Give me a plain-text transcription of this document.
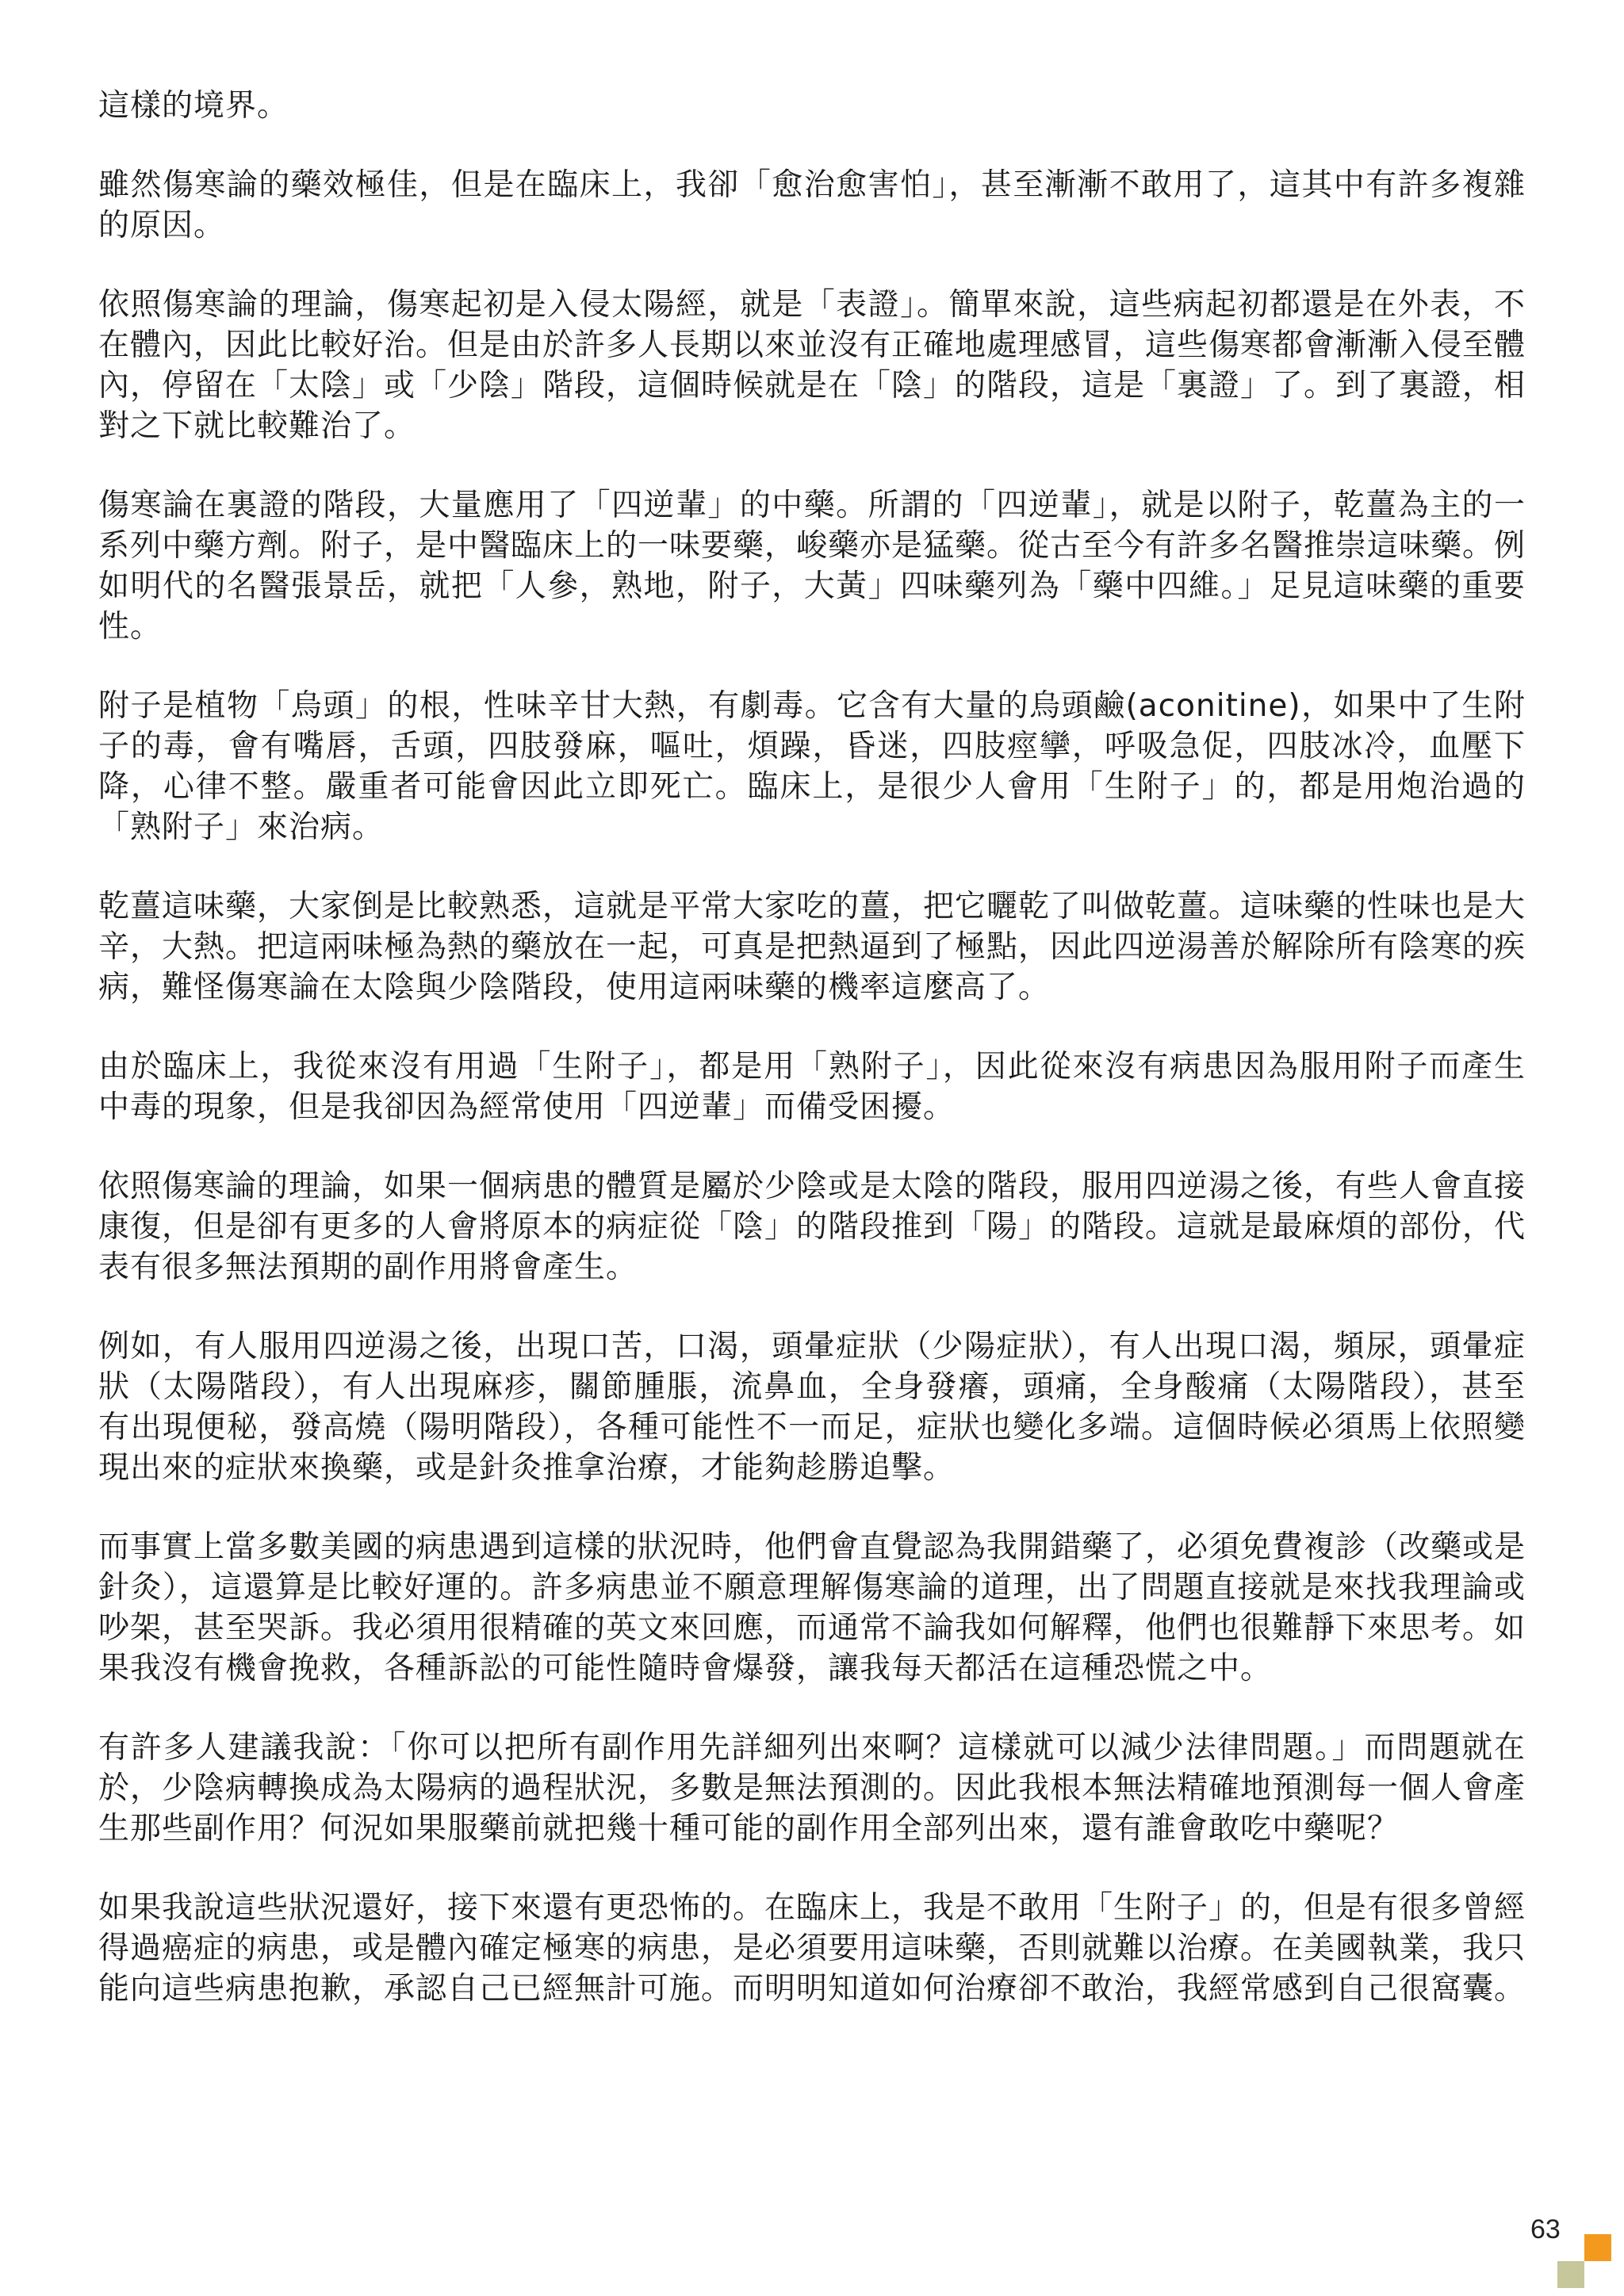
這樣的境界。

雖然傷寒論的藥效極佳，但是在臨床上，我卻「愈治愈害怕」，甚至漸漸不敢用了，這其中有許多複雜的原因。

依照傷寒論的理論，傷寒起初是入侵太陽經，就是「表證」。簡單來說，這些病起初都還是在外表，不在體內，因此比較好治。但是由於許多人長期以來並沒有正確地處理感冒，這些傷寒都會漸漸入侵至體內，停留在「太陰」或「少陰」階段，這個時候就是在「陰」的階段，這是「裏證」了。到了裏證，相對之下就比較難治了。

傷寒論在裏證的階段，大量應用了「四逆輩」的中藥。所謂的「四逆輩」，就是以附子，乾薑為主的一系列中藥方劑。附子，是中醫臨床上的一味要藥，峻藥亦是猛藥。從古至今有許多名醫推崇這味藥。例如明代的名醫張景岳，就把「人參，熟地，附子，大黃」四味藥列為「藥中四維。」足見這味藥的重要性。

附子是植物「烏頭」的根，性味辛甘大熱，有劇毒。它含有大量的烏頭鹼(aconitine)，如果中了生附子的毒，會有嘴唇，舌頭，四肢發麻，嘔吐，煩躁，昏迷，四肢痙攣，呼吸急促，四肢冰冷，血壓下降，心律不整。嚴重者可能會因此立即死亡。臨床上，是很少人會用「生附子」的，都是用炮治過的「熟附子」來治病。

乾薑這味藥，大家倒是比較熟悉，這就是平常大家吃的薑，把它曬乾了叫做乾薑。這味藥的性味也是大辛，大熱。把這兩味極為熱的藥放在一起，可真是把熱逼到了極點，因此四逆湯善於解除所有陰寒的疾病，難怪傷寒論在太陰與少陰階段，使用這兩味藥的機率這麼高了。

由於臨床上，我從來沒有用過「生附子」，都是用「熟附子」，因此從來沒有病患因為服用附子而產生中毒的現象，但是我卻因為經常使用「四逆輩」而備受困擾。

依照傷寒論的理論，如果一個病患的體質是屬於少陰或是太陰的階段，服用四逆湯之後，有些人會直接康復，但是卻有更多的人會將原本的病症從「陰」的階段推到「陽」的階段。這就是最麻煩的部份，代表有很多無法預期的副作用將會產生。

例如，有人服用四逆湯之後，出現口苦，口渴，頭暈症狀（少陽症狀），有人出現口渴，頻尿，頭暈症狀（太陽階段），有人出現麻疹，關節腫脹，流鼻血，全身發癢，頭痛，全身酸痛（太陽階段），甚至有出現便秘，發高燒（陽明階段），各種可能性不一而足，症狀也變化多端。這個時候必須馬上依照變現出來的症狀來換藥，或是針灸推拿治療，才能夠趁勝追擊。

而事實上當多數美國的病患遇到這樣的狀況時，他們會直覺認為我開錯藥了，必須免費複診（改藥或是針灸），這還算是比較好運的。許多病患並不願意理解傷寒論的道理，出了問題直接就是來找我理論或吵架，甚至哭訴。我必須用很精確的英文來回應，而通常不論我如何解釋，他們也很難靜下來思考。如果我沒有機會挽救，各種訴訟的可能性隨時會爆發，讓我每天都活在這種恐慌之中。

有許多人建議我說：「你可以把所有副作用先詳細列出來啊？這樣就可以減少法律問題。」而問題就在於，少陰病轉換成為太陽病的過程狀況，多數是無法預測的。因此我根本無法精確地預測每一個人會產生那些副作用？何況如果服藥前就把幾十種可能的副作用全部列出來，還有誰會敢吃中藥呢？

如果我說這些狀況還好，接下來還有更恐怖的。在臨床上，我是不敢用「生附子」的，但是有很多曾經得過癌症的病患，或是體內確定極寒的病患，是必須要用這味藥，否則就難以治療。在美國執業，我只能向這些病患抱歉，承認自己已經無計可施。而明明知道如何治療卻不敢治，我經常感到自己很窩囊。

63
